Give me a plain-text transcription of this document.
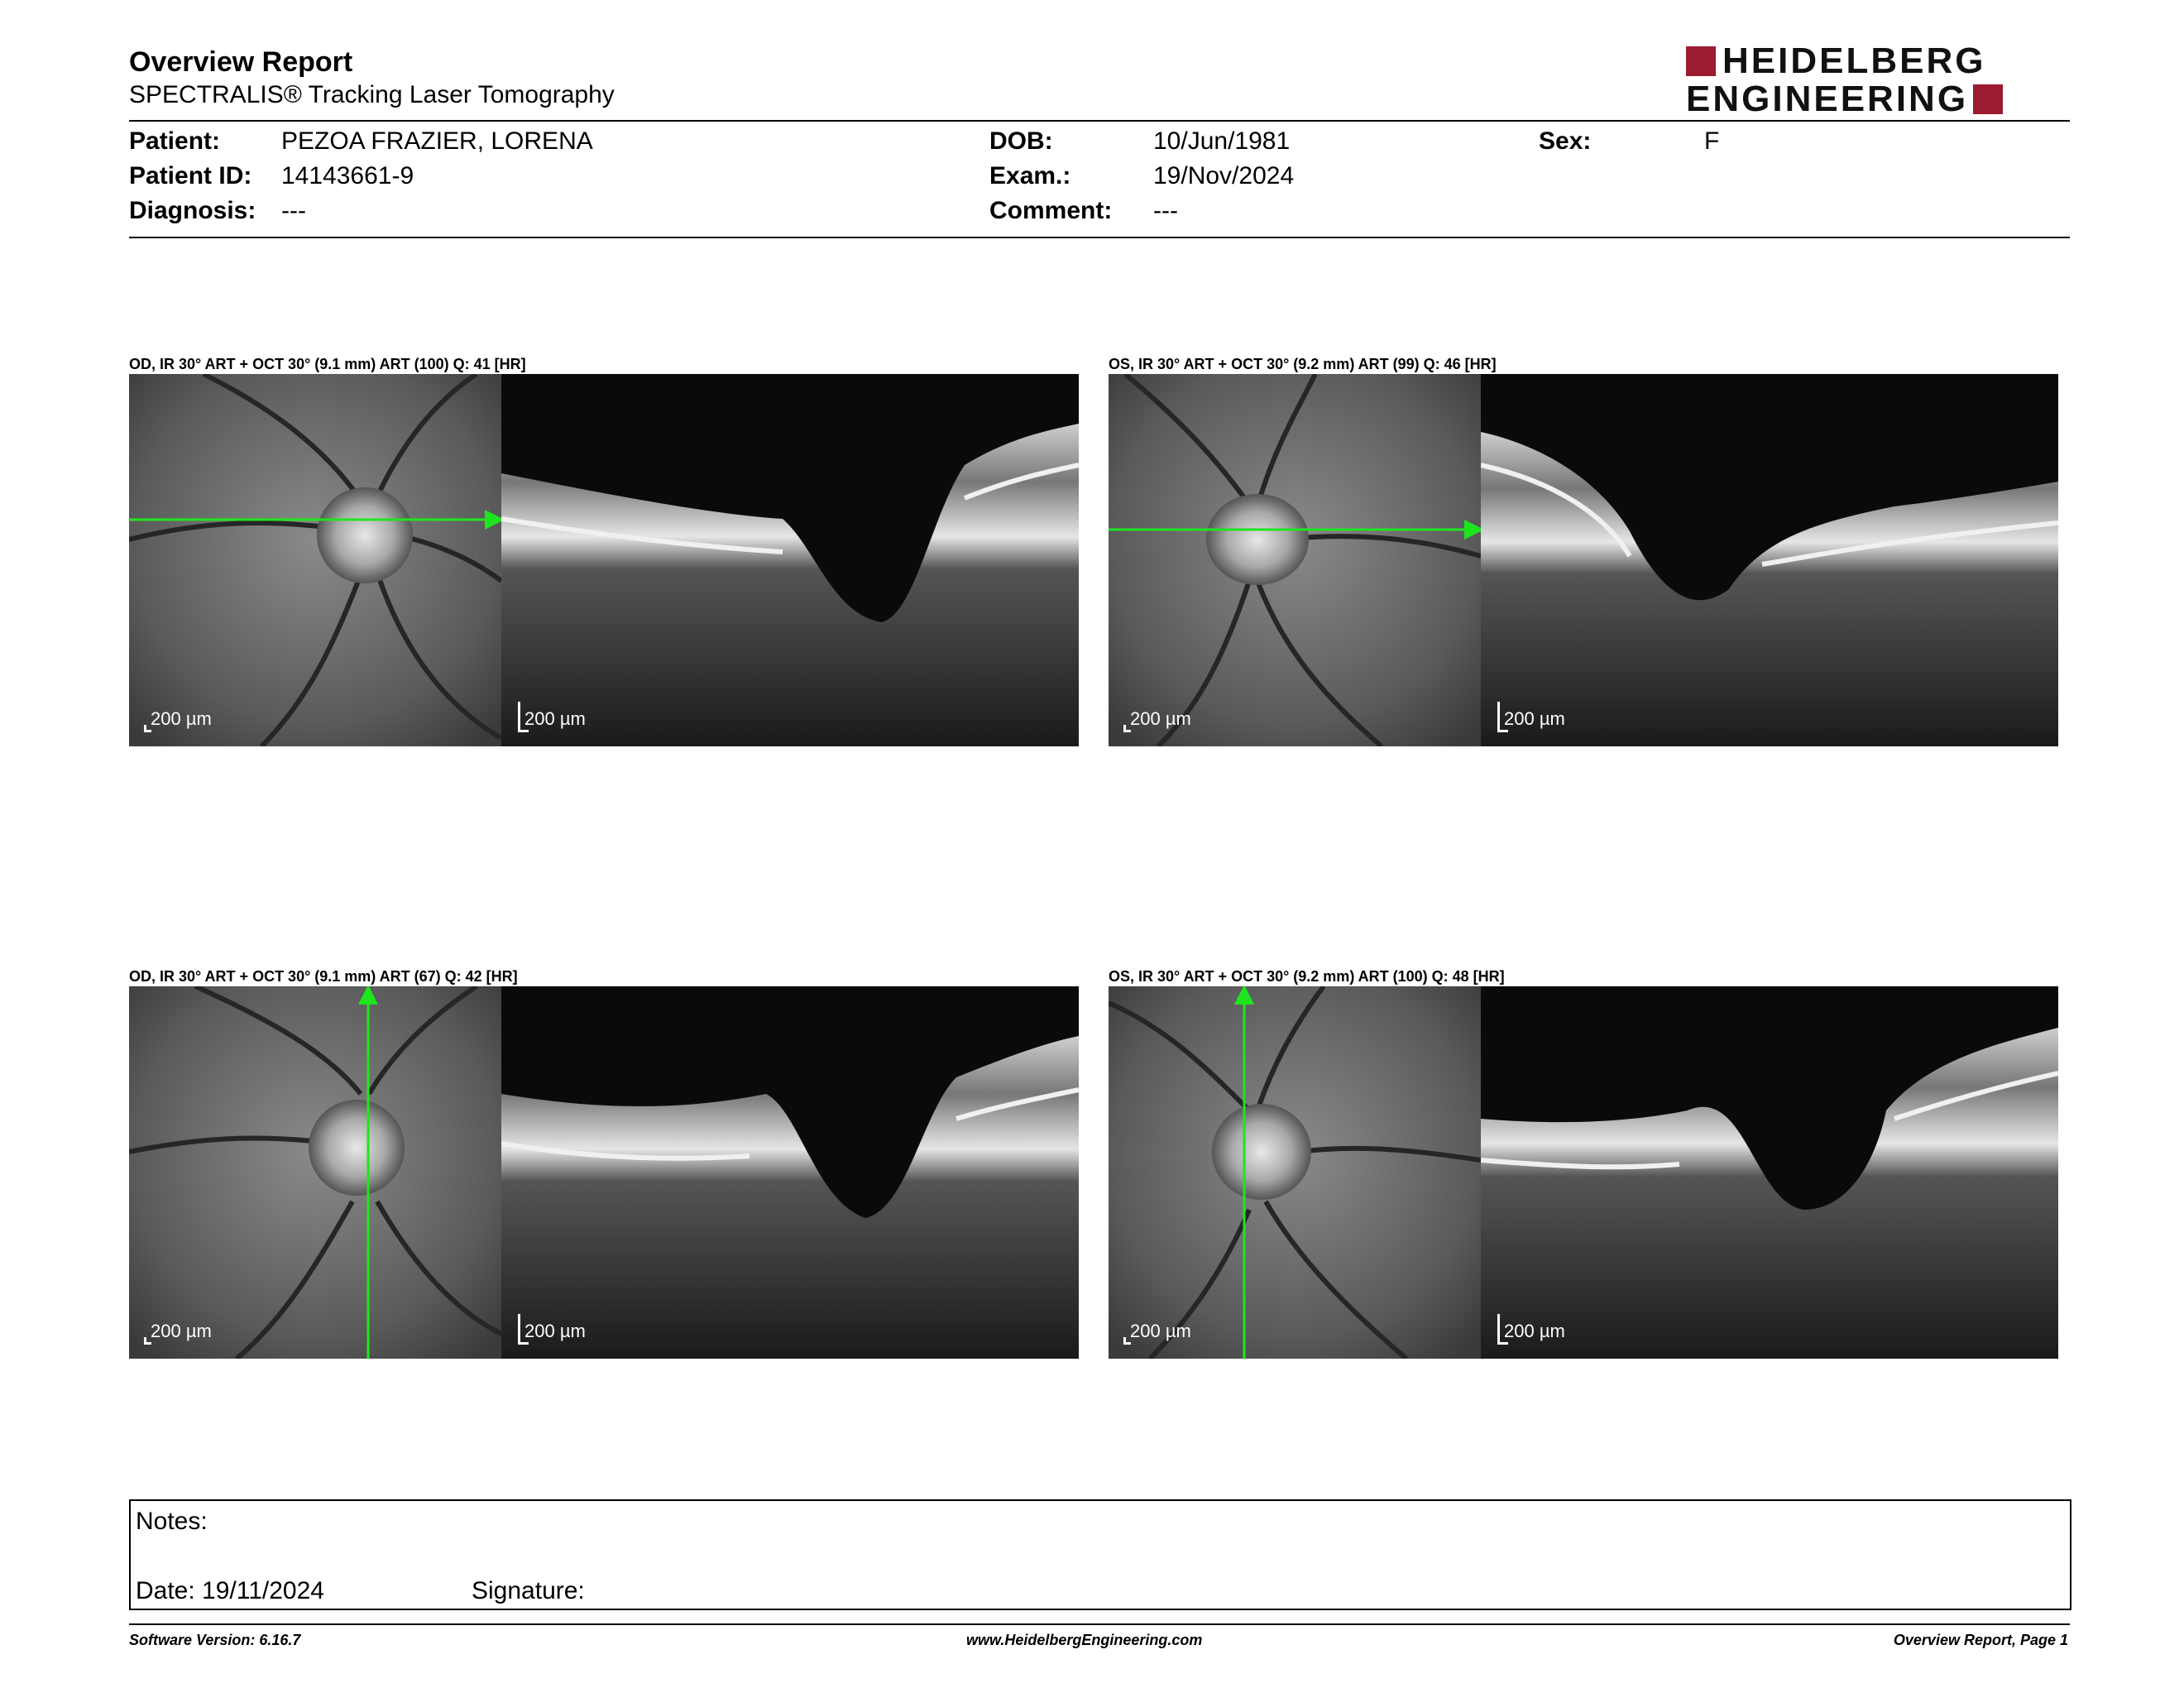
Overview Report
SPECTRALIS® Tracking Laser Tomography
HEIDELBERG
ENGINEERING
Patient: PEZOA FRAZIER, LORENA
Patient ID: 14143661-9
Diagnosis: ---
DOB:	10/Jun/1981
Exam.:	19/Nov/2024
Comment: ---
Sex:	F
OD, IR 30° ART + OCT 30° (9.1 mm) ART (100) Q: 41 [HR]
200 µm	200 µm
OS, IR 30° ART + OCT 30° (9.2 mm) ART (99) Q: 46 [HR]
200 µm	200 µm
OD, IR 30° ART + OCT 30° (9.1 mm) ART (67) Q: 42 [HR]
200 µm	200 µm
OS, IR 30° ART + OCT 30° (9.2 mm) ART (100) Q: 48 [HR]
200 µm	200 µm
Notes:
Date: 19/11/2024	Signature:
Software Version: 6.16.7	www.HeidelbergEngineering.com	Overview Report, Page 1
